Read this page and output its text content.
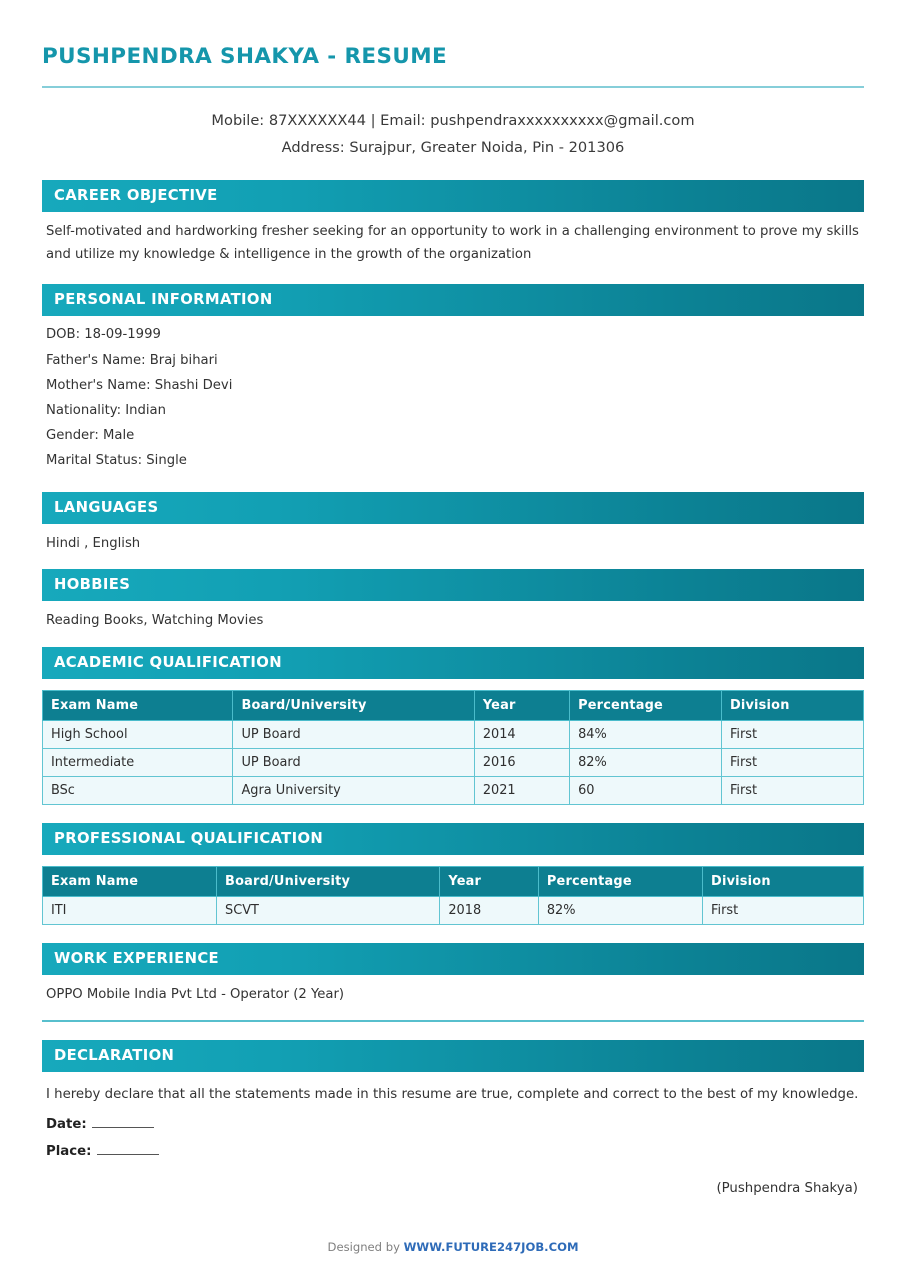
PUSHPENDRA SHAKYA - RESUME
Mobile: 87XXXXXX44 | Email: pushpendraxxxxxxxxxx@gmail.com
Address: Surajpur, Greater Noida, Pin - 201306
CAREER OBJECTIVE
Self-motivated and hardworking fresher seeking for an opportunity to work in a challenging environment to prove my skills and utilize my knowledge & intelligence in the growth of the organization
PERSONAL INFORMATION
DOB: 18-09-1999
Father's Name: Braj bihari
Mother's Name: Shashi Devi
Nationality: Indian
Gender: Male
Marital Status: Single
LANGUAGES
Hindi , English
HOBBIES
Reading Books, Watching Movies
ACADEMIC QUALIFICATION
Exam Name	Board/University	Year	Percentage	Division
High School	UP Board	2014	84%	First
Intermediate	UP Board	2016	82%	First
BSc	Agra University	2021	60	First
PROFESSIONAL QUALIFICATION
Exam Name	Board/University	Year	Percentage	Division
ITI	SCVT	2018	82%	First
WORK EXPERIENCE
OPPO Mobile India Pvt Ltd - Operator (2 Year)
DECLARATION
I hereby declare that all the statements made in this resume are true, complete and correct to the best of my knowledge.
Date:
Place:
(Pushpendra Shakya)
Designed by WWW.FUTURE247JOB.COM
